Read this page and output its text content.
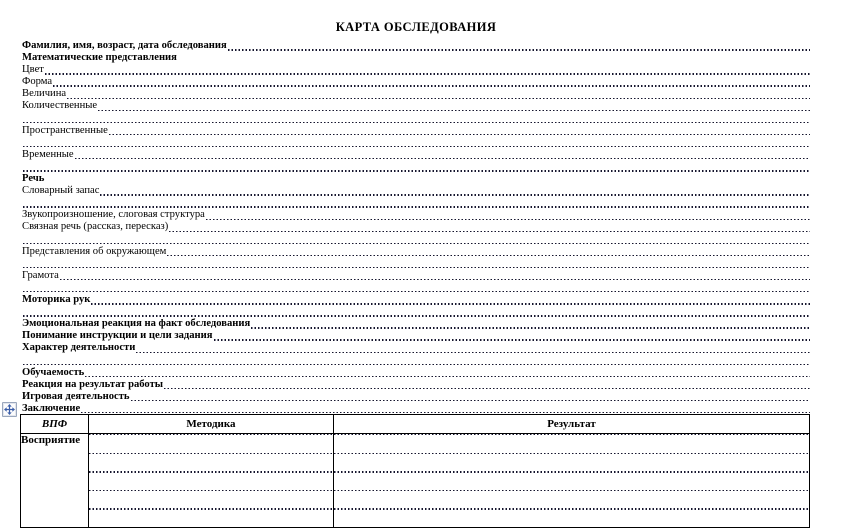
КАРТА ОБСЛЕДОВАНИЯ
Фамилия, имя, возраст, дата обследования
Математические представления
Цвет
Форма
Величина
Количественные
Пространственные
Временные
Речь
Словарный запас
Звукопроизношение, слоговая структура
Связная речь (рассказ, пересказ)
Представления об окружающем
Грамота
Моторика рук
Эмоциональная реакция на факт обследования
Понимание инструкции и цели задания
Характер деятельности
Обучаемость
Реакция на результат работы
Игровая деятельность
Заключение
ВПФ	Методика	Результат
Восприятие	
